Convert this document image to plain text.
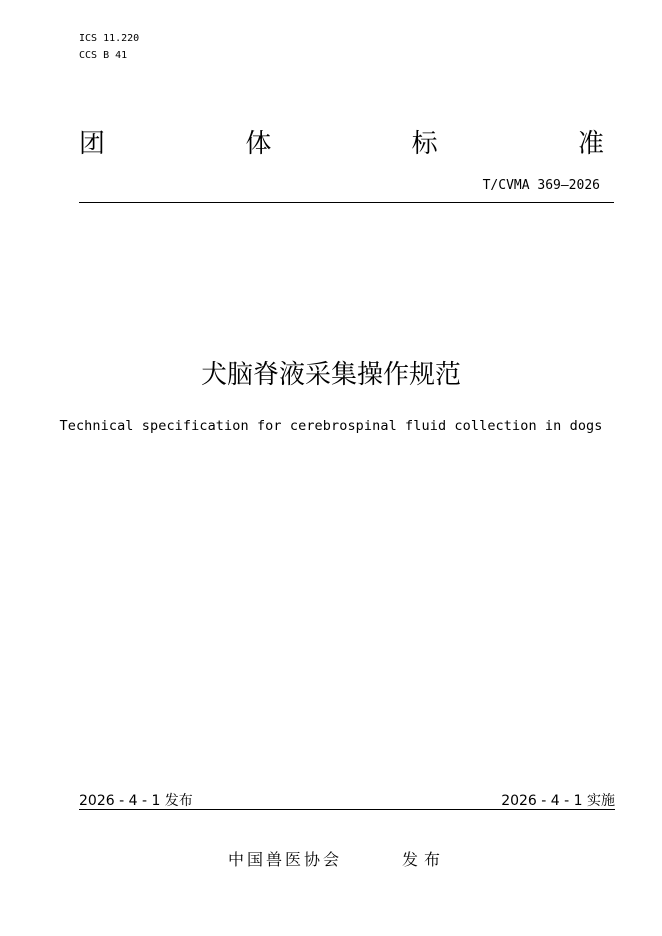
ICS 11.220
CCS B 41
团	体	标	准
T/CVMA 369—2026
犬脑脊液采集操作规范
Technical specification for cerebrospinal fluid collection in dogs
2026 - 4 - 1 发布	2026 - 4 - 1 实施
中国兽医协会	发布
